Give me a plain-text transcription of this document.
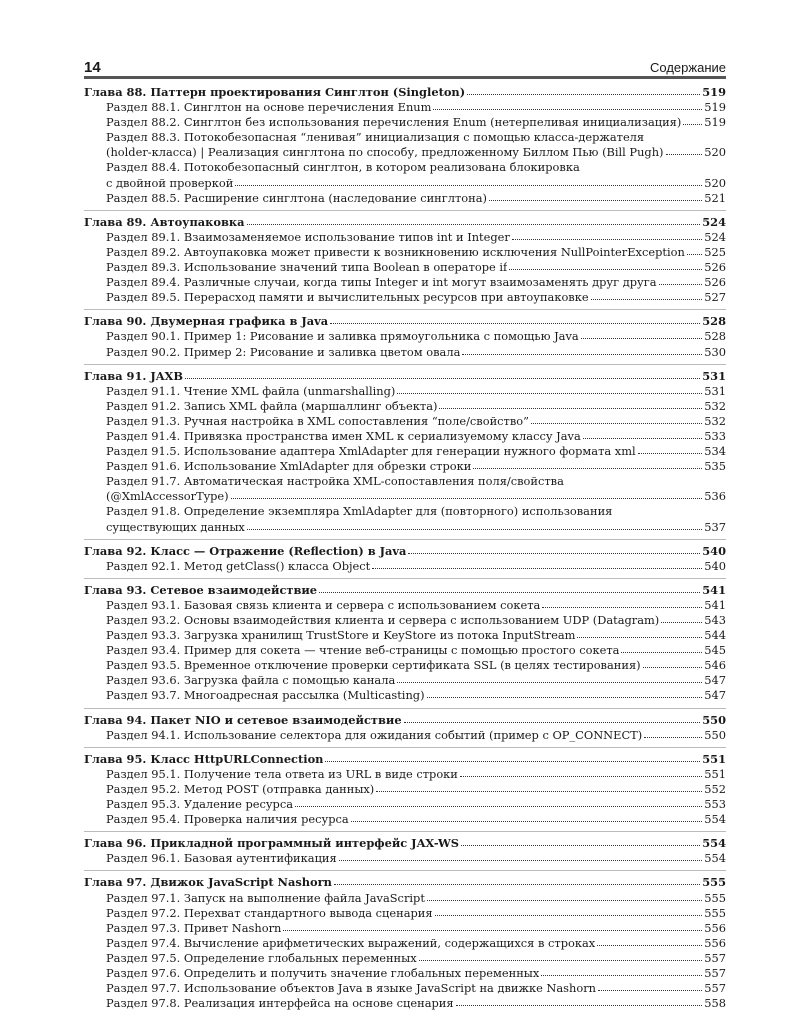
14	Содержание
Глава 88. Паттерн проектирования Синглтон (Singleton)	519
Раздел 88.1. Синглтон на основе перечисления Enum	519
Раздел 88.2. Синглтон без использования перечисления Enum (нетерпеливая инициализация) 519
Раздел 88.3. Потокобезопасная “ленивая” инициализация с помощью класса-держателя
(holder-класса) | Реализация синглтона по способу, предложенному Биллом Пью (Bill Pugh)	520
Раздел 88.4. Потокобезопасный синглтон, в котором реализована блокировка
с двойной проверкой	520
Раздел 88.5. Расширение синглтона (наследование синглтона)	521
Глава 89. Автоупаковка	524
Раздел 89.1. Взаимозаменяемое использование типов int и Integer	524
Раздел 89.2. Автоупаковка может привести к возникновению исключения NullPointerException 525
Раздел 89.3. Использование значений типа Boolean в операторе if	526
Раздел 89.4. Различные случаи, когда типы Integer и int могут взаимозаменять друг друга	526
Раздел 89.5. Перерасход памяти и вычислительных ресурсов при автоупаковке	527
Глава 90. Двумерная графика в Java	528
Раздел 90.1. Пример 1: Рисование и заливка прямоугольника с помощью Java	528
Раздел 90.2. Пример 2: Рисование и заливка цветом овала	530
Глава 91. JAXB	531
Раздел 91.1. Чтение XML файла (unmarshalling)	531
Раздел 91.2. Запись XML файла (маршаллинг объекта)	532
Раздел 91.3. Ручная настройка в XML сопоставления “поле/свойство”	532
Раздел 91.4. Привязка пространства имен XML к сериализуемому классу Java	533
Раздел 91.5. Использование адаптера XmlAdapter для генерации нужного формата xml	534
Раздел 91.6. Использование XmlAdapter для обрезки строки	535
Раздел 91.7. Автоматическая настройка XML-сопоставления поля/свойства
(@XmlAccessorType)	536
Раздел 91.8. Определение экземпляра XmlAdapter для (повторного) использования
существующих данных	537
Глава 92. Класс — Отражение (Reflection) в Java	540
Раздел 92.1. Метод getClass() класса Object	540
Глава 93. Сетевое взаимодействие	541
Раздел 93.1. Базовая связь клиента и сервера с использованием сокета	541
Раздел 93.2. Основы взаимодействия клиента и сервера с использованием UDP (Datagram)	543
Раздел 93.3. Загрузка хранилищ TrustStore и KeyStore из потока InputStream	544
Раздел 93.4. Пример для сокета — чтение веб-страницы с помощью простого сокета	545
Раздел 93.5. Временное отключение проверки сертификата SSL (в целях тестирования)	546
Раздел 93.6. Загрузка файла с помощью канала	547
Раздел 93.7. Многоадресная рассылка (Multicasting)	547
Глава 94. Пакет NIO и сетевое взаимодействие	550
Раздел 94.1. Использование селектора для ожидания событий (пример с OP_CONNECT)	550
Глава 95. Класс HttpURLConnection	551
Раздел 95.1. Получение тела ответа из URL в виде строки	551
Раздел 95.2. Метод POST (отправка данных)	552
Раздел 95.3. Удаление ресурса	553
Раздел 95.4. Проверка наличия ресурса	554
Глава 96. Прикладной программный интерфейс JAX-WS	554
Раздел 96.1. Базовая аутентификация	554
Глава 97. Движок JavaScript Nashorn	555
Раздел 97.1. Запуск на выполнение файла JavaScript	555
Раздел 97.2. Перехват стандартного вывода сценария	555
Раздел 97.3. Привет Nashorn	556
Раздел 97.4. Вычисление арифметических выражений, содержащихся в строках	556
Раздел 97.5. Определение глобальных переменных	557
Раздел 97.6. Определить и получить значение глобальных переменных	557
Раздел 97.7. Использование объектов Java в языке JavaScript на движке Nashorn	557
Раздел 97.8. Реализация интерфейса на основе сценария	558
